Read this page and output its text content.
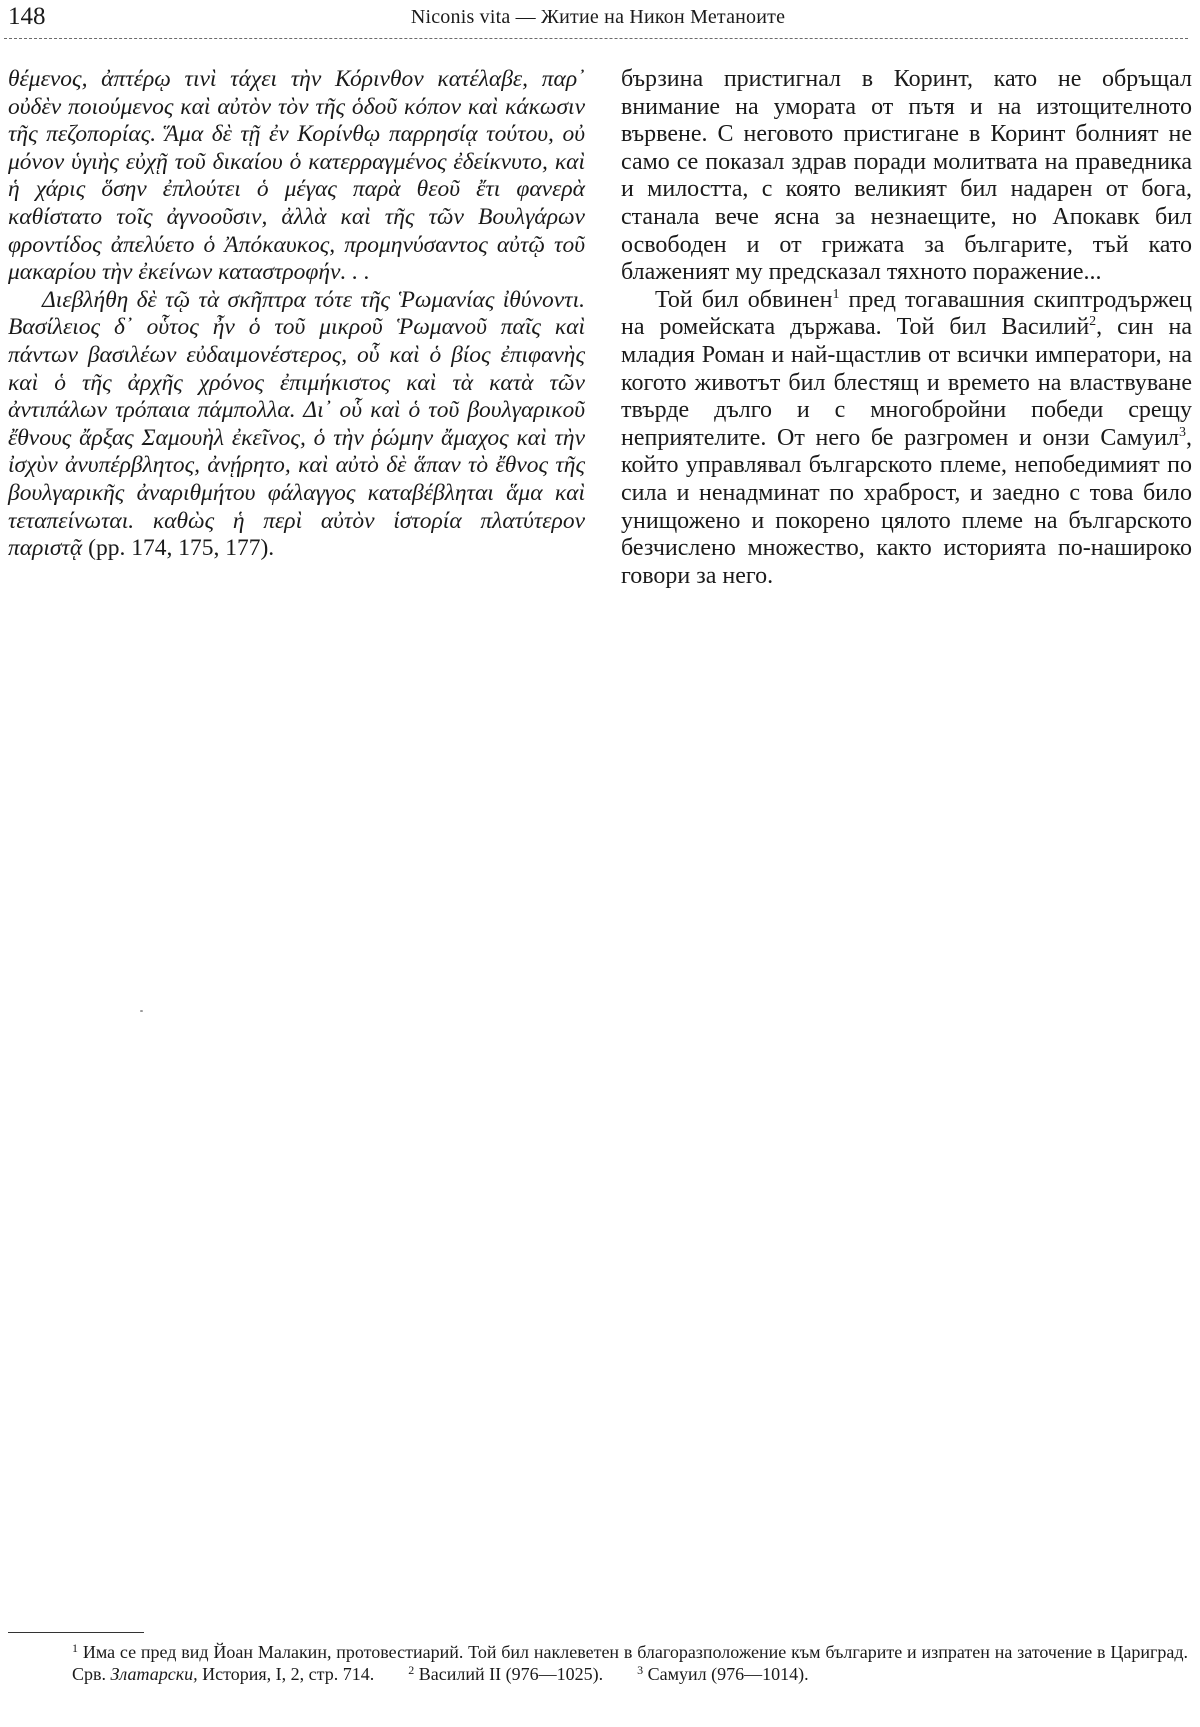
148	Niconis vita — Житие на Никон Метаноите

θέμενος, ἀπτέρῳ τινὶ τάχει τὴν Κόρινθον κατέλαβε, παρ᾿ οὐδὲν ποιούμενος καὶ αὐτὸν τὸν τῆς ὁδοῦ κόπον καὶ κάκωσιν τῆς πεζοπορίας. Ἅμα δὲ τῇ ἐν Κορίνθῳ παρρησίᾳ τούτου, οὐ μόνον ὑγιὴς εὐχῇ τοῦ δικαίου ὁ κατερραγμένος ἐδείκνυτο, καὶ ἡ χάρις ὅσην ἐπλούτει ὁ μέγας παρὰ θεοῦ ἔτι φανερὰ καθίστατο τοῖς ἀγνοοῦσιν, ἀλλὰ καὶ τῆς τῶν Βουλγάρων φροντίδος ἀπελύετο ὁ Ἀπόκαυκος, προμηνύσαντος αὐτῷ τοῦ μακαρίου τὴν ἐκείνων καταστροφήν. . .

Διεβλήθη δὲ τῷ τὰ σκῆπτρα τότε τῆς Ῥωμανίας ἰθύνοντι. Βασίλειος δ᾿ οὗτος ἦν ὁ τοῦ μικροῦ Ῥωμανοῦ παῖς καὶ πάντων βασιλέων εὐδαιμονέστερος, οὗ καὶ ὁ βίος ἐπιφανὴς καὶ ὁ τῆς ἀρχῆς χρόνος ἐπιμήκιστος καὶ τὰ κατὰ τῶν ἀντιπάλων τρόπαια πάμπολλα. Δι᾿ οὗ καὶ ὁ τοῦ βουλγαρικοῦ ἔθνους ἄρξας Σαμουὴλ ἐκεῖνος, ὁ τὴν ῥώμην ἄμαχος καὶ τὴν ἰσχὺν ἀνυπέρβλητος, ἀνῄρητο, καὶ αὐτὸ δὲ ἅπαν τὸ ἔθνος τῆς βουλγαρικῆς ἀναριθμήτου φάλαγγος καταβέβληται ἅμα καὶ τεταπείνωται. καθὼς ἡ περὶ αὐτὸν ἱστορία πλατύτερον παριστᾷ (pp. 174, 175, 177).

бързина пристигнал в Коринт, като не обръщал внимание на умората от пътя и на изтощителното вървене. С неговото пристигане в Коринт болният не само се показал здрав поради молитвата на праведника и милостта, с която великият бил надарен от бога, станала вече ясна за незнаещите, но Апокавк бил освободен и от грижата за българите, тъй като блаженият му предсказал тяхното поражение...

Той бил обвинен$^1$ пред тогавашния скиптродържец на ромейската държава. Той бил Василий$^2$, син на младия Роман и най-щастлив от всички императори, на когото животът бил блестящ и времето на властвуване твърде дълго и с многобройни победи срещу неприятелите. От него бе разгромен и онзи Самуил$^3$, който управлявал българското племе, непобедимият по сила и ненадминат по храброст, и заедно с това било унищожено и покорено цялото племе на българското безчислено множество, както историята по-нашироко говори за него.

$^1$ Има се пред вид Йоан Малакин, протовестиарий. Той бил наклеветен в благоразположение към българите и изпратен на заточение в Цариград. Срв. Златарски, История, I, 2, стр. 714.	$^2$ Василий II (976—1025).	$^3$ Самуил (976—1014).
